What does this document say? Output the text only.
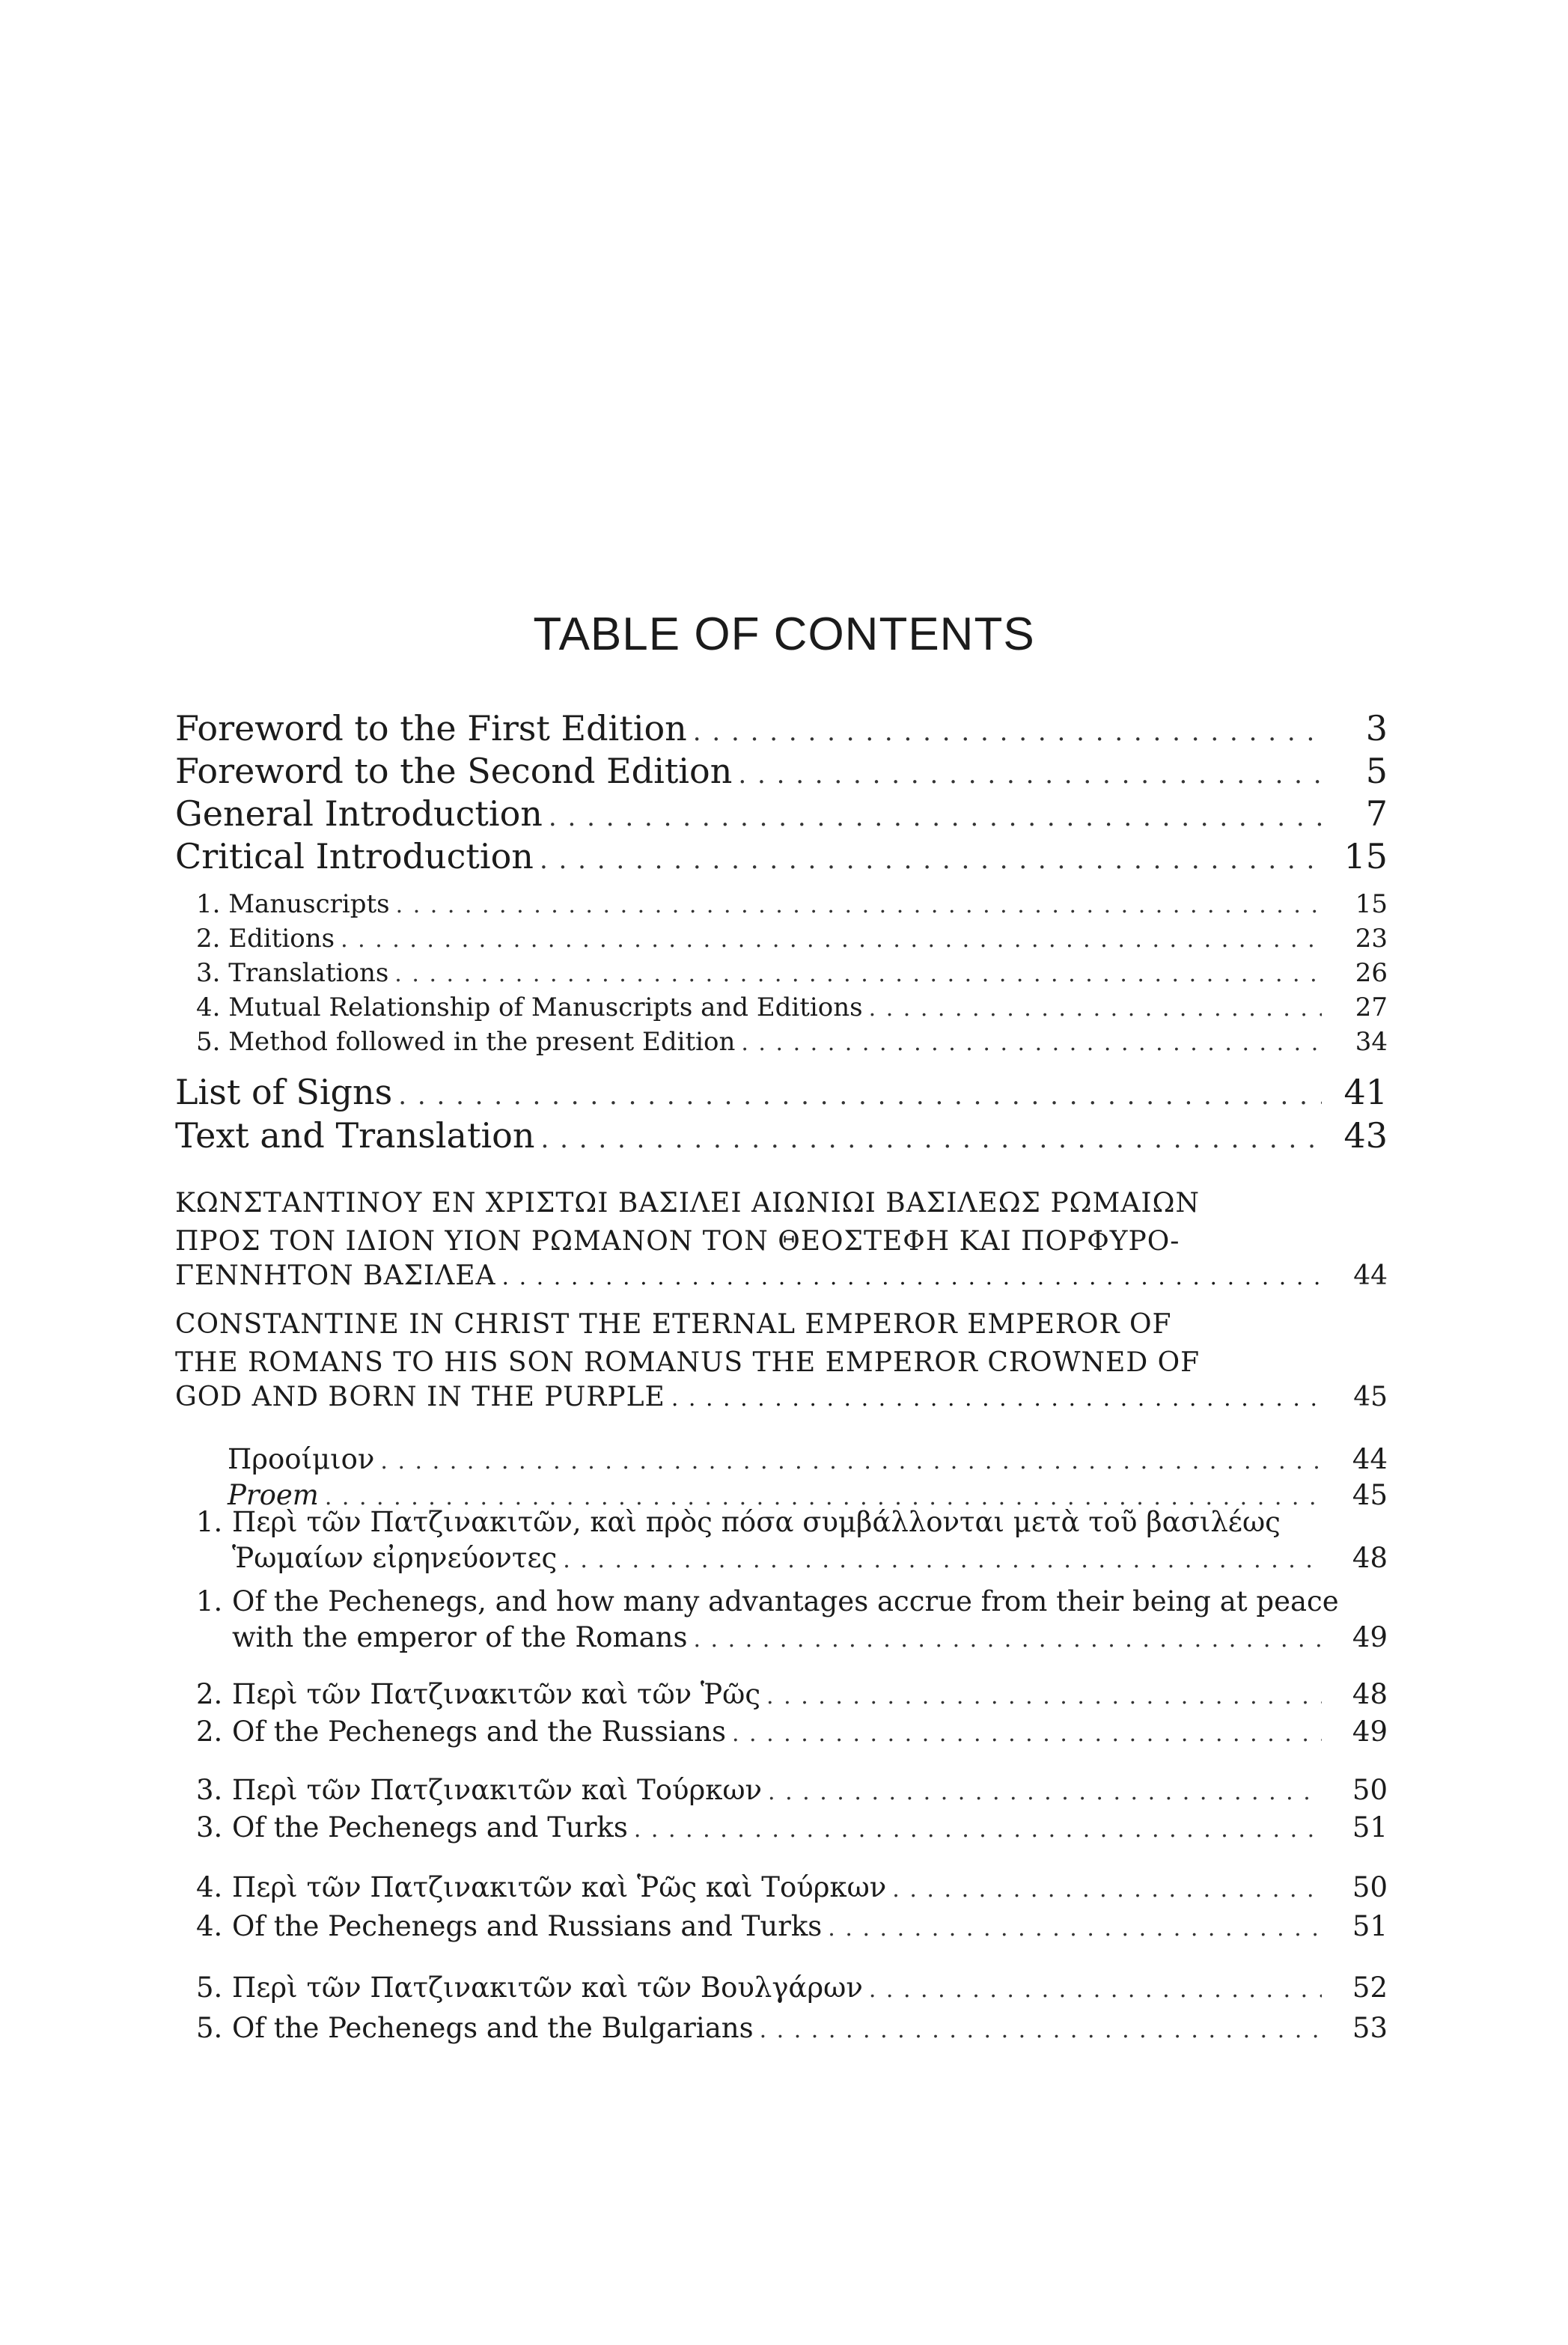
TABLE OF CONTENTS
Foreword to the First Edition . . .	3
Foreword to the Second Edition . . .	5
General Introduction . . .	7
Critical Introduction . . .	15
1. Manuscripts . . .	15
2. Editions . . .	23
3. Translations . . .	26
4. Mutual Relationship of Manuscripts and Editions . . .	27
5. Method followed in the present Edition . . .	34
List of Signs . . .	41
Text and Translation . . .	43
ΚΩΝΣΤΑΝΤΙΝΟΥ ΕΝ ΧΡΙΣΤΩΙ ΒΑΣΙΛΕΙ ΑΙΩΝΙΩΙ ΒΑΣΙΛΕΩΣ ΡΩΜΑΙΩΝ
ΠΡΟΣ ΤΟΝ ΙΔΙΟΝ ΥΙΟΝ ΡΩΜΑΝΟΝ ΤΟΝ ΘΕΟΣΤΕΦΗ ΚΑΙ ΠΟΡΦΥΡΟ-
ΓΕΝΝΗΤΟΝ ΒΑΣΙΛΕΑ . . .	44
CONSTANTINE IN CHRIST THE ETERNAL EMPEROR EMPEROR OF
THE ROMANS TO HIS SON ROMANUS THE EMPEROR CROWNED OF
GOD AND BORN IN THE PURPLE . . .	45
Προοίμιον . . .	44
Proem . . .	45
1. Περὶ τῶν Πατζινακιτῶν, καὶ πρὸς πόσα συμβάλλονται μετὰ τοῦ βασιλέως
Ῥωμαίων εἰρηνεύοντες . . .	48
1. Of the Pechenegs, and how many advantages accrue from their being at peace
with the emperor of the Romans . . .	49
2. Περὶ τῶν Πατζινακιτῶν καὶ τῶν Ῥῶς . . .	48
2. Of the Pechenegs and the Russians . . .	49
3. Περὶ τῶν Πατζινακιτῶν καὶ Τούρκων . . .	50
3. Of the Pechenegs and Turks . . .	51
4. Περὶ τῶν Πατζινακιτῶν καὶ Ῥῶς καὶ Τούρκων . . .	50
4. Of the Pechenegs and Russians and Turks . . .	51
5. Περὶ τῶν Πατζινακιτῶν καὶ τῶν Βουλγάρων . . .	52
5. Of the Pechenegs and the Bulgarians . . .	53
